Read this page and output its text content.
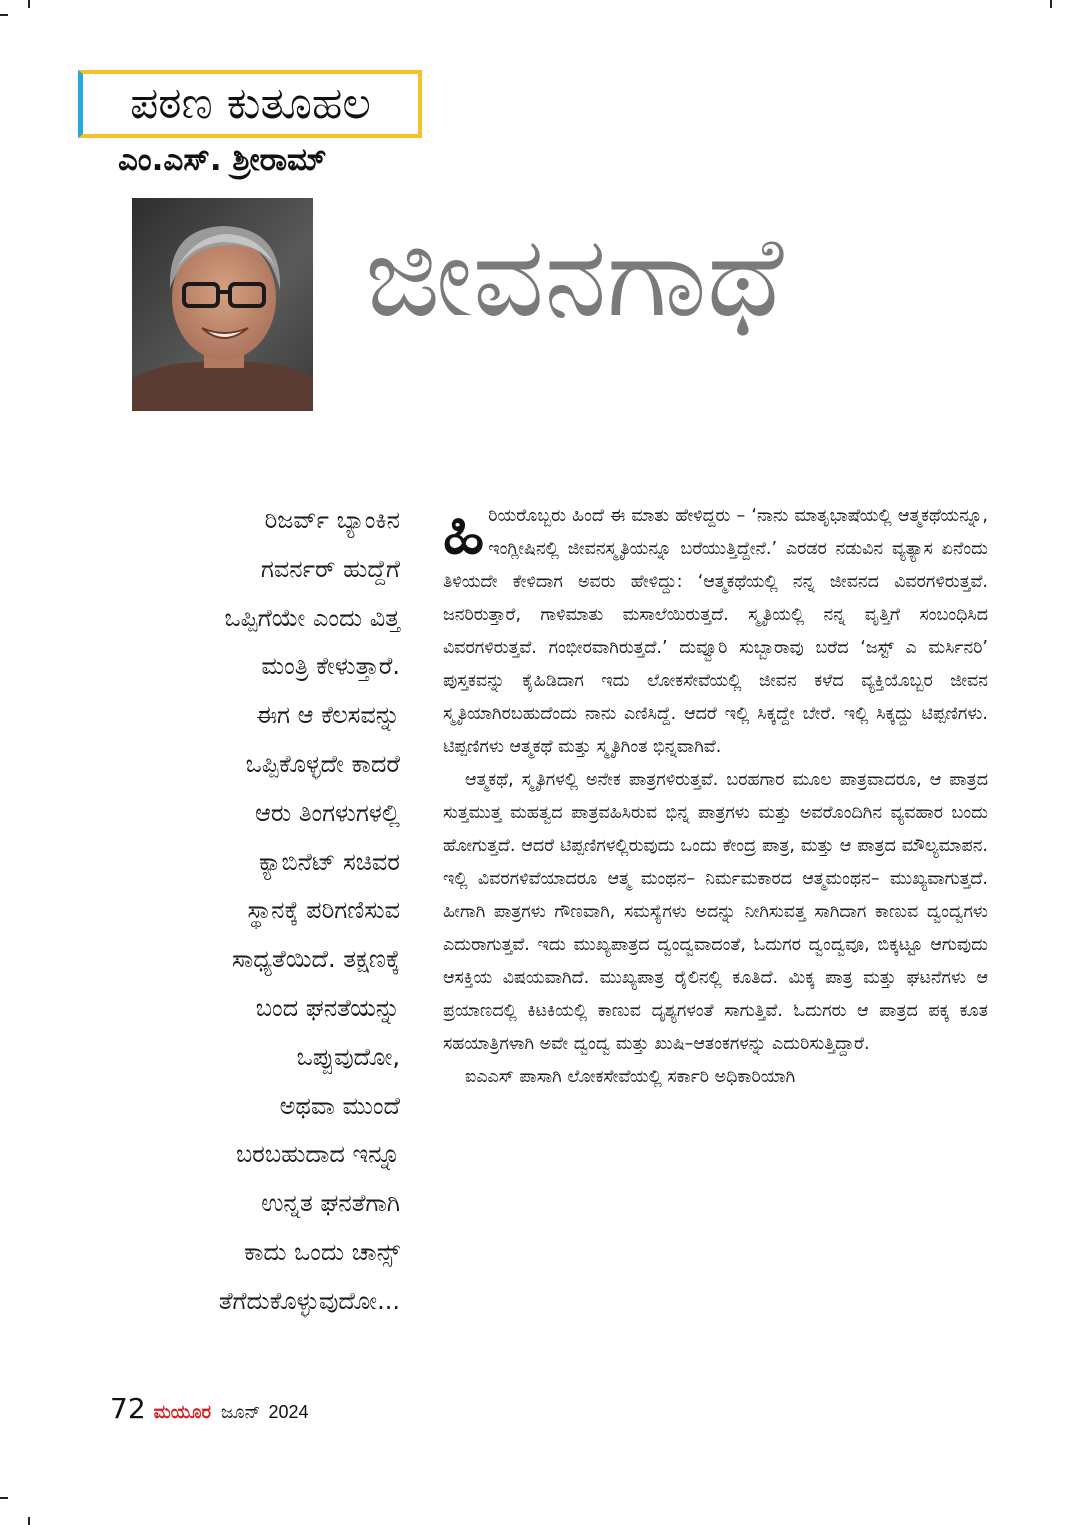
ಪಠಣ ಕುತೂಹಲ
ಎಂ.ಎಸ್. ಶ್ರೀರಾಮ್
ಜೀವನಗಾಥೆ
ರಿಜರ್ವ್ ಬ್ಯಾಂಕಿನ
ಗವರ್ನರ್ ಹುದ್ದೆಗೆ
ಒಪ್ಪಿಗೆಯೇ ಎಂದು ವಿತ್ತ
ಮಂತ್ರಿ ಕೇಳುತ್ತಾರೆ.
ಈಗ ಆ ಕೆಲಸವನ್ನು
ಒಪ್ಪಿಕೊಳ್ಳದೇ ಕಾದರೆ
ಆರು ತಿಂಗಳುಗಳಲ್ಲಿ
ಕ್ಯಾಬಿನೆಟ್ ಸಚಿವರ
ಸ್ಥಾನಕ್ಕೆ ಪರಿಗಣಿಸುವ
ಸಾಧ್ಯತೆಯಿದೆ. ತಕ್ಷಣಕ್ಕೆ
ಬಂದ ಘನತೆಯನ್ನು
ಒಪ್ಪುವುದೋ,
ಅಥವಾ ಮುಂದೆ
ಬರಬಹುದಾದ ಇನ್ನೂ
ಉನ್ನತ ಘನತೆಗಾಗಿ
ಕಾದು ಒಂದು ಚಾನ್ಸ್
ತೆಗೆದುಕೊಳ್ಳುವುದೋ...

ಹಿರಿಯರೊಬ್ಬರು ಹಿಂದೆ ಈ ಮಾತು ಹೇಳಿದ್ದರು – ‘ನಾನು ಮಾತೃಭಾಷೆಯಲ್ಲಿ ಆತ್ಮಕಥೆಯನ್ನೂ, ಇಂಗ್ಲೀಷಿನಲ್ಲಿ ಜೀವನಸ್ಮೃತಿಯನ್ನೂ ಬರೆಯುತ್ತಿದ್ದೇನೆ.’ ಎರಡರ ನಡುವಿನ ವ್ಯತ್ಯಾಸ ಏನೆಂದು ತಿಳಿಯದೇ ಕೇಳಿದಾಗ ಅವರು ಹೇಳಿದ್ದು: ‘ಆತ್ಮಕಥೆಯಲ್ಲಿ ನನ್ನ ಜೀವನದ ವಿವರಗಳಿರುತ್ತವೆ. ಜನರಿರುತ್ತಾರೆ, ಗಾಳಿಮಾತು ಮಸಾಲೆಯಿರುತ್ತದೆ. ಸ್ಮೃತಿಯಲ್ಲಿ ನನ್ನ ವೃತ್ತಿಗೆ ಸಂಬಂಧಿಸಿದ ವಿವರಗಳಿರುತ್ತವೆ. ಗಂಭೀರವಾಗಿರುತ್ತದೆ.’ ದುವ್ವೂರಿ ಸುಬ್ಬಾರಾವು ಬರೆದ ‘ಜಸ್ಟ್ ಎ ಮರ್ಸಿನರಿ’ ಪುಸ್ತಕವನ್ನು ಕೈಹಿಡಿದಾಗ ಇದು ಲೋಕಸೇವೆಯಲ್ಲಿ ಜೀವನ ಕಳೆದ ವ್ಯಕ್ತಿಯೊಬ್ಬರ ಜೀವನ ಸ್ಮೃತಿಯಾಗಿರಬಹುದೆಂದು ನಾನು ಎಣಿಸಿದ್ದೆ. ಆದರೆ ಇಲ್ಲಿ ಸಿಕ್ಕದ್ದೇ ಬೇರೆ. ಇಲ್ಲಿ ಸಿಕ್ಕದ್ದು ಟಿಪ್ಪಣಿಗಳು. ಟಿಪ್ಪಣಿಗಳು ಆತ್ಮಕಥೆ ಮತ್ತು ಸ್ಮೃತಿಗಿಂತ ಭಿನ್ನವಾಗಿವೆ.

ಆತ್ಮಕಥೆ, ಸ್ಮೃತಿಗಳಲ್ಲಿ ಅನೇಕ ಪಾತ್ರಗಳಿರುತ್ತವೆ. ಬರಹಗಾರ ಮೂಲ ಪಾತ್ರವಾದರೂ, ಆ ಪಾತ್ರದ ಸುತ್ತಮುತ್ತ ಮಹತ್ವದ ಪಾತ್ರವಹಿಸಿರುವ ಭಿನ್ನ ಪಾತ್ರಗಳು ಮತ್ತು ಅವರೊಂದಿಗಿನ ವ್ಯವಹಾರ ಬಂದು ಹೋಗುತ್ತದೆ. ಆದರೆ ಟಿಪ್ಪಣಿಗಳಲ್ಲಿರುವುದು ಒಂದು ಕೇಂದ್ರ ಪಾತ್ರ, ಮತ್ತು ಆ ಪಾತ್ರದ ಮೌಲ್ಯಮಾಪನ. ಇಲ್ಲಿ ವಿವರಗಳಿವೆಯಾದರೂ ಆತ್ಮ ಮಂಥನ– ನಿರ್ಮಮಕಾರದ ಆತ್ಮಮಂಥನ– ಮುಖ್ಯವಾಗುತ್ತದೆ. ಹೀಗಾಗಿ ಪಾತ್ರಗಳು ಗೌಣವಾಗಿ, ಸಮಸ್ಯೆಗಳು ಅದನ್ನು ನೀಗಿಸುವತ್ತ ಸಾಗಿದಾಗ ಕಾಣುವ ದ್ವಂದ್ವಗಳು ಎದುರಾಗುತ್ತವೆ. ಇದು ಮುಖ್ಯಪಾತ್ರದ ದ್ವಂದ್ವವಾದಂತೆ, ಓದುಗರ ದ್ವಂದ್ವವೂ, ಬಿಕ್ಕಟ್ಟೂ ಆಗುವುದು ಆಸಕ್ತಿಯ ವಿಷಯವಾಗಿದೆ. ಮುಖ್ಯಪಾತ್ರ ರೈಲಿನಲ್ಲಿ ಕೂತಿದೆ. ಮಿಕ್ಕ ಪಾತ್ರ ಮತ್ತು ಘಟನೆಗಳು ಆ ಪ್ರಯಾಣದಲ್ಲಿ ಕಿಟಕಿಯಲ್ಲಿ ಕಾಣುವ ದೃಶ್ಯಗಳಂತೆ ಸಾಗುತ್ತಿವೆ. ಓದುಗರು ಆ ಪಾತ್ರದ ಪಕ್ಕ ಕೂತ ಸಹಯಾತ್ರಿಗಳಾಗಿ ಅವೇ ದ್ವಂದ್ವ ಮತ್ತು ಖುಷಿ–ಆತಂಕಗಳನ್ನು ಎದುರಿಸುತ್ತಿದ್ದಾರೆ.

ಐಎಎಸ್ ಪಾಸಾಗಿ ಲೋಕಸೇವೆಯಲ್ಲಿ ಸರ್ಕಾರಿ ಅಧಿಕಾರಿಯಾಗಿ

72 ಮಯೂರ ಜೂನ್ 2024
